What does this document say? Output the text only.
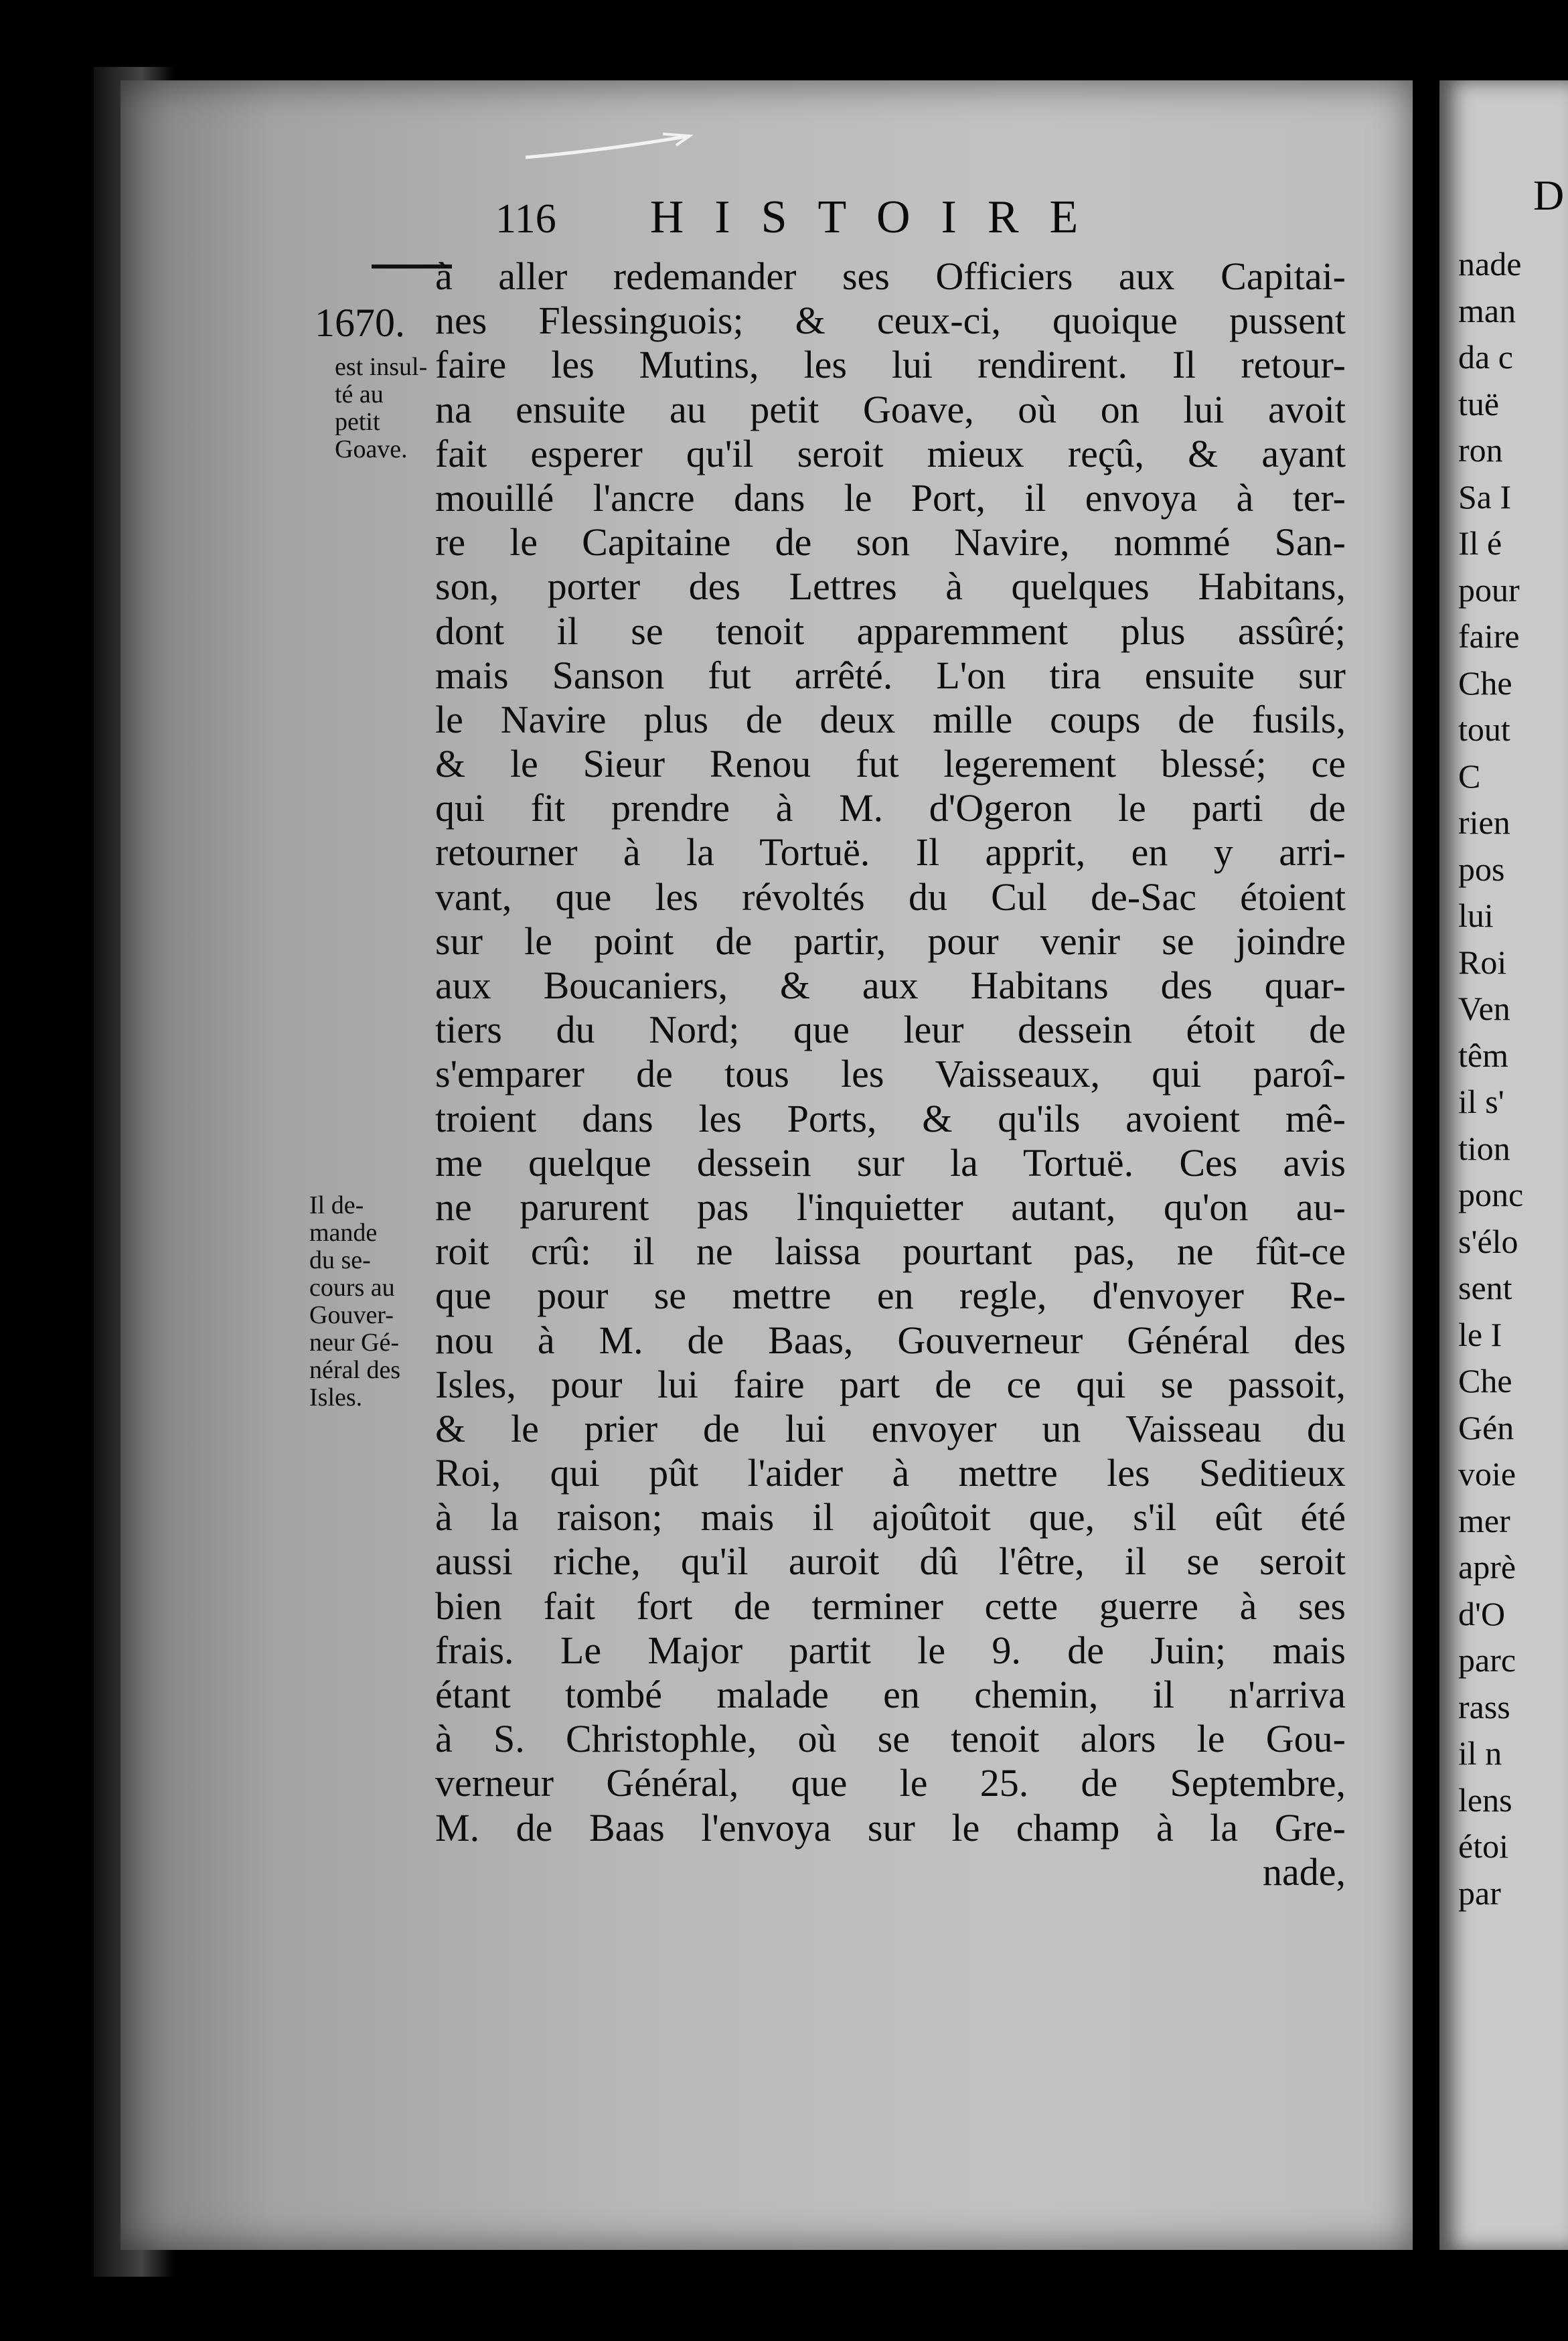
116 HISTOIRE
1670.
est insul-
té au
petit
Goave.
Il de-
mande
du se-
cours au
Gouver-
neur Gé-
néral des
Isles.
à aller redemander ses Officiers aux Capitai-
nes Flessinguois; & ceux-ci, quoique pussent
faire les Mutins, les lui rendirent. Il retour-
na ensuite au petit Goave, où on lui avoit
fait esperer qu'il seroit mieux reçû, & ayant
mouillé l'ancre dans le Port, il envoya à ter-
re le Capitaine de son Navire, nommé San-
son, porter des Lettres à quelques Habitans,
dont il se tenoit apparemment plus assûré;
mais Sanson fut arrêté. L'on tira ensuite sur
le Navire plus de deux mille coups de fusils,
& le Sieur Renou fut legerement blessé; ce
qui fit prendre à M. d'Ogeron le parti de
retourner à la Tortuë. Il apprit, en y arri-
vant, que les révoltés du Cul de-Sac étoient
sur le point de partir, pour venir se joindre
aux Boucaniers, & aux Habitans des quar-
tiers du Nord; que leur dessein étoit de
s'emparer de tous les Vaisseaux, qui paroî-
troient dans les Ports, & qu'ils avoient mê-
me quelque dessein sur la Tortuë. Ces avis
ne parurent pas l'inquietter autant, qu'on au-
roit crû: il ne laissa pourtant pas, ne fût-ce
que pour se mettre en regle, d'envoyer Re-
nou à M. de Baas, Gouverneur Général des
Isles, pour lui faire part de ce qui se passoit,
& le prier de lui envoyer un Vaisseau du
Roi, qui pût l'aider à mettre les Seditieux
à la raison; mais il ajoûtoit que, s'il eût été
aussi riche, qu'il auroit dû l'être, il se seroit
bien fait fort de terminer cette guerre à ses
frais. Le Major partit le 9. de Juin; mais
étant tombé malade en chemin, il n'arriva
à S. Christophle, où se tenoit alors le Gou-
verneur Général, que le 25. de Septembre,
M. de Baas l'envoya sur le champ à la Gre-
nade,
D
nade
man
da c
tuë
ron
Sa I
Il é
pour
faire
Che
tout
C
rien
pos
lui
Roi
Ven
têm
il s'
tion
ponc
s'élo
sent
le I
Che
Gén
voie
mer
aprè
d'O
parc
rass
il n
lens
étoi
par
